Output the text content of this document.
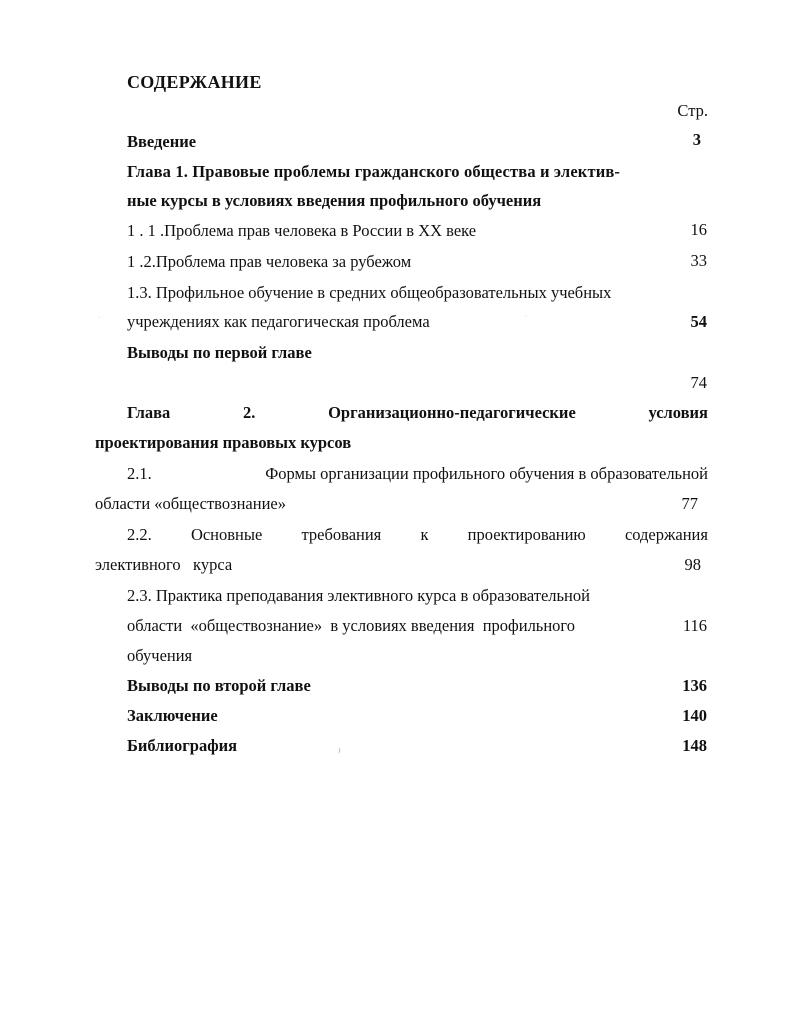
СОДЕРЖАНИЕ
Стр.
Введение	3
Глава 1. Правовые проблемы гражданского общества и электив-
ные курсы в условиях введения профильного обучения
1 . 1 .Проблема прав человека в России в XX веке	16
1 .2.Проблема прав человека за рубежом	33
1.3. Профильное обучение в средних общеобразовательных учебных
учреждениях как педагогическая проблема	54
Выводы по первой главе
74
Глава	2.	Организационно-педагогические	условия
проектирования правовых курсов
2.1.	Формы организации профильного обучения в образовательной
области «обществознание»	77
2.2. Основные требования к проектированию содержания
элективного   курса	98
2.3. Практика преподавания элективного курса в образовательной
области  «обществознание»  в условиях введения  профильного	116
обучения
Выводы по второй главе	136
Заключение	140
Библиография	148
⁾
·	·
